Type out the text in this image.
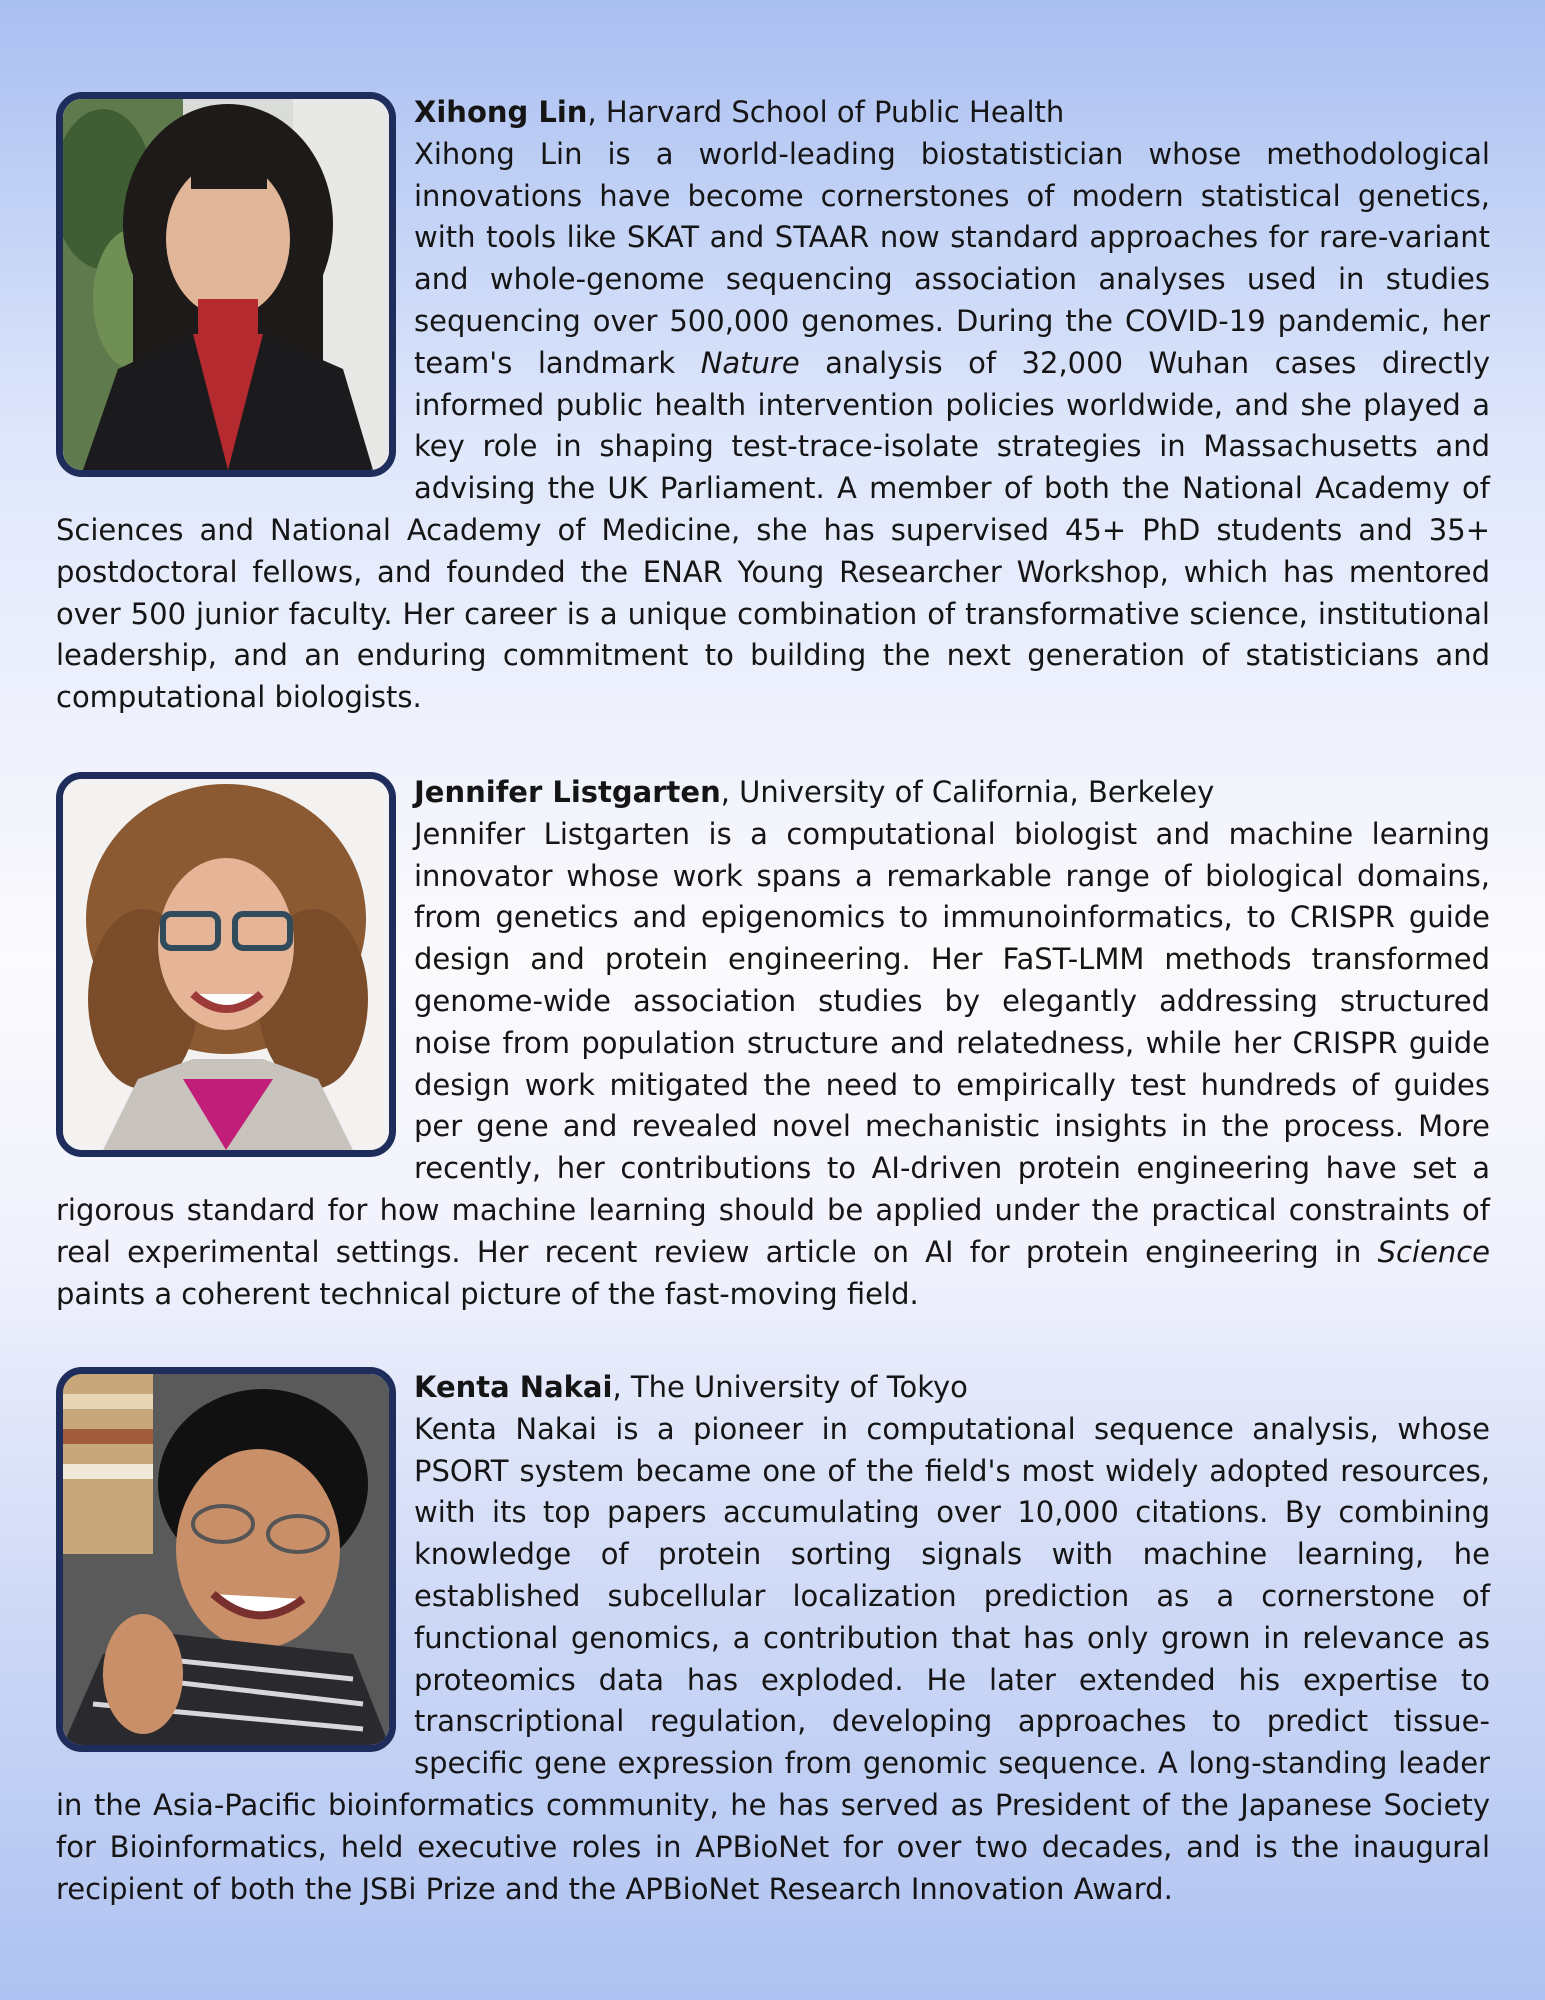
Xihong Lin, Harvard School of Public Health

Xihong Lin is a world-leading biostatistician whose methodological innovations have become cornerstones of modern statistical genetics, with tools like SKAT and STAAR now standard approaches for rare-variant and whole-genome sequencing association analyses used in studies sequencing over 500,000 genomes. During the COVID-19 pandemic, her team's landmark Nature analysis of 32,000 Wuhan cases directly informed public health intervention policies worldwide, and she played a key role in shaping test-trace-isolate strategies in Massachusetts and advising the UK Parliament. A member of both the National Academy of Sciences and National Academy of Medicine, she has supervised 45+ PhD students and 35+ postdoctoral fellows, and founded the ENAR Young Researcher Workshop, which has mentored over 500 junior faculty. Her career is a unique combination of transformative science, institutional leadership, and an enduring commitment to building the next generation of statisticians and computational biologists.

Jennifer Listgarten, University of California, Berkeley

Jennifer Listgarten is a computational biologist and machine learning innovator whose work spans a remarkable range of biological domains, from genetics and epigenomics to immunoinformatics, to CRISPR guide design and protein engineering. Her FaST-LMM methods transformed genome-wide association studies by elegantly addressing structured noise from population structure and relatedness, while her CRISPR guide design work mitigated the need to empirically test hundreds of guides per gene and revealed novel mechanistic insights in the process. More recently, her contributions to AI-driven protein engineering have set a rigorous standard for how machine learning should be applied under the practical constraints of real experimental settings. Her recent review article on AI for protein engineering in Science paints a coherent technical picture of the fast-moving field.

Kenta Nakai, The University of Tokyo

Kenta Nakai is a pioneer in computational sequence analysis, whose PSORT system became one of the field's most widely adopted resources, with its top papers accumulating over 10,000 citations. By combining knowledge of protein sorting signals with machine learning, he established subcellular localization prediction as a cornerstone of functional genomics, a contribution that has only grown in relevance as proteomics data has exploded. He later extended his expertise to transcriptional regulation, developing approaches to predict tissue-specific gene expression from genomic sequence. A long-standing leader in the Asia-Pacific bioinformatics community, he has served as President of the Japanese Society for Bioinformatics, held executive roles in APBioNet for over two decades, and is the inaugural recipient of both the JSBi Prize and the APBioNet Research Innovation Award.
